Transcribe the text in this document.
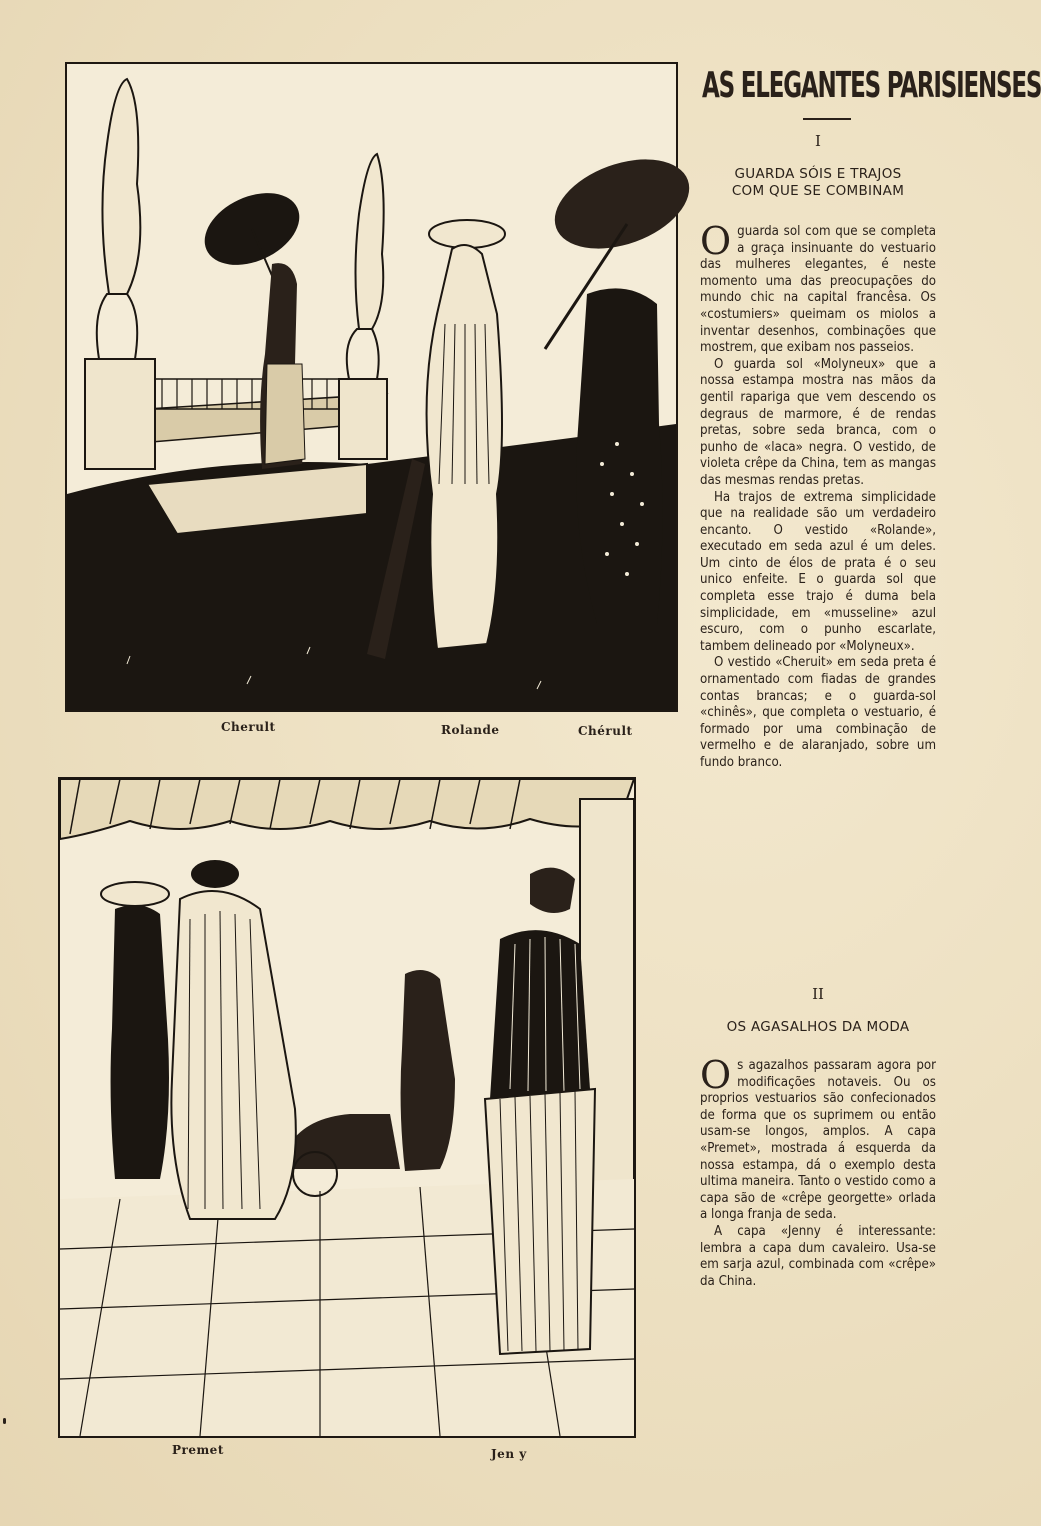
Cherult	Rolande	Chérult
Premet	Jen y
AS ELEGANTES PARISIENSES
I
GUARDA SÓIS E TRAJOS
COM QUE SE COMBINAM

Oguarda sol com que se completa a graça insinuante do vestuario das mulheres elegantes, é neste momento uma das preocupações do mundo chic na capital francêsa. Os «costumiers» queimam os miolos a inventar desenhos, combinações que mostrem, que exibam nos passeios.

O guarda sol «Molyneux» que a nossa estampa mostra nas mãos da gentil rapariga que vem descendo os degraus de marmore, é de rendas pretas, sobre seda branca, com o punho de «laca» negra. O vestido, de violeta crêpe da China, tem as mangas das mesmas rendas pretas.

Ha trajos de extrema simplicidade que na realidade são um verdadeiro encanto. O vestido «Rolande», executado em seda azul é um deles. Um cinto de élos de prata é o seu unico enfeite. E o guarda sol que completa esse trajo é duma bela simplicidade, em «musseline» azul escuro, com o punho escarlate, tambem delineado por «Molyneux».

O vestido «Cheruit» em seda preta é ornamentado com fiadas de grandes contas brancas; e o guarda-sol «chinês», que completa o vestuario, é formado por uma combinação de vermelho e de alaranjado, sobre um fundo branco.

II
OS AGASALHOS DA MODA

Os agazalhos passaram agora por modificações notaveis. Ou os proprios vestuarios são confecionados de forma que os suprimem ou então usam-se longos, amplos. A capa «Premet», mostrada á esquerda da nossa estampa, dá o exemplo desta ultima maneira. Tanto o vestido como a capa são de «crêpe georgette» orlada a longa franja de seda.

A capa «Jenny é interessante: lembra a capa dum cavaleiro. Usa-se em sarja azul, combinada com «crêpe» da China.
